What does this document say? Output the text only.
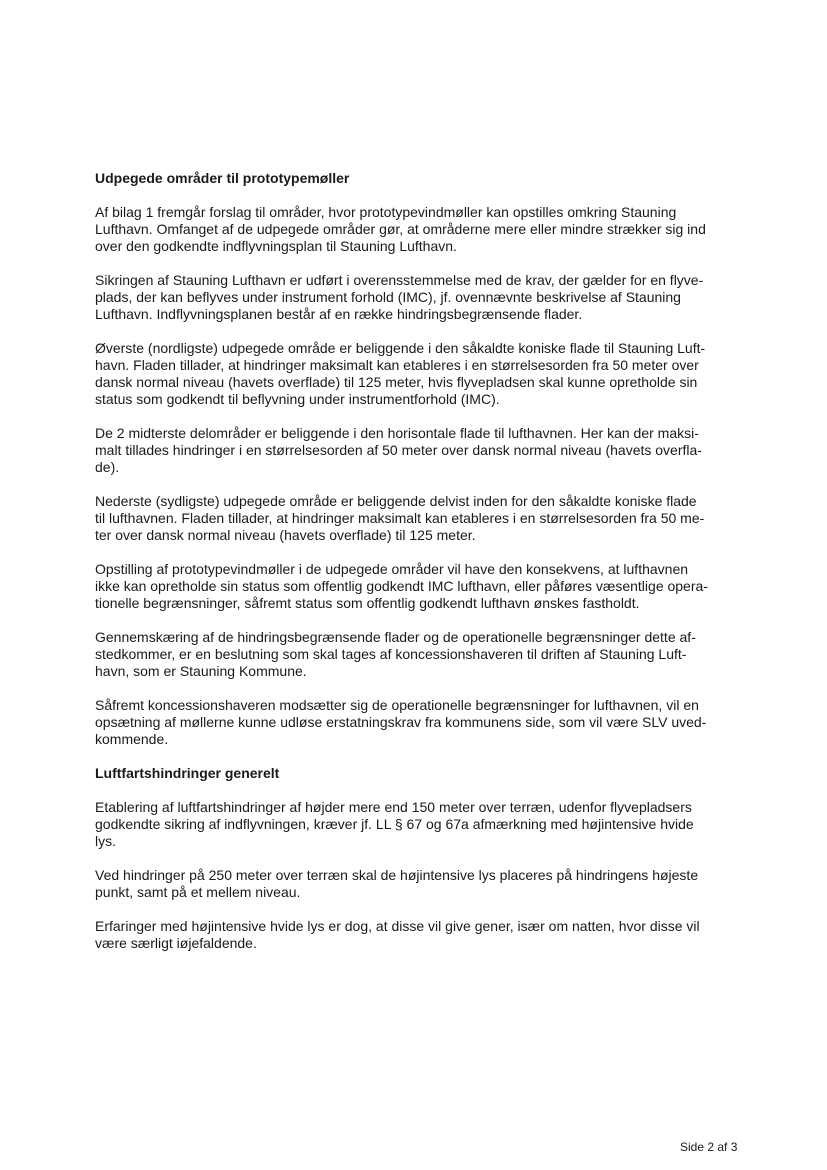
Udpegede områder til prototypemøller

Af bilag 1 fremgår forslag til områder, hvor prototypevindmøller kan opstilles omkring Stauning
Lufthavn. Omfanget af de udpegede områder gør, at områderne mere eller mindre strækker sig ind
over den godkendte indflyvningsplan til Stauning Lufthavn.

Sikringen af Stauning Lufthavn er udført i overensstemmelse med de krav, der gælder for en flyve-
plads, der kan beflyves under instrument forhold (IMC), jf. ovennævnte beskrivelse af Stauning
Lufthavn. Indflyvningsplanen består af en række hindringsbegrænsende flader.

Øverste (nordligste) udpegede område er beliggende i den såkaldte koniske flade til Stauning Luft-
havn. Fladen tillader, at hindringer maksimalt kan etableres i en størrelsesorden fra 50 meter over
dansk normal niveau (havets overflade) til 125 meter, hvis flyvepladsen skal kunne opretholde sin
status som godkendt til beflyvning under instrumentforhold (IMC).

De 2 midterste delområder er beliggende i den horisontale flade til lufthavnen. Her kan der maksi-
malt tillades hindringer i en størrelsesorden af 50 meter over dansk normal niveau (havets overfla-
de).

Nederste (sydligste) udpegede område er beliggende delvist inden for den såkaldte koniske flade
til lufthavnen. Fladen tillader, at hindringer maksimalt kan etableres i en størrelsesorden fra 50 me-
ter over dansk normal niveau (havets overflade) til 125 meter.

Opstilling af prototypevindmøller i de udpegede områder vil have den konsekvens, at lufthavnen
ikke kan opretholde sin status som offentlig godkendt IMC lufthavn, eller påføres væsentlige opera-
tionelle begrænsninger, såfremt status som offentlig godkendt lufthavn ønskes fastholdt.

Gennemskæring af de hindringsbegrænsende flader og de operationelle begrænsninger dette af-
stedkommer, er en beslutning som skal tages af koncessionshaveren til driften af Stauning Luft-
havn, som er Stauning Kommune.

Såfremt koncessionshaveren modsætter sig de operationelle begrænsninger for lufthavnen, vil en
opsætning af møllerne kunne udløse erstatningskrav fra kommunens side, som vil være SLV uved-
kommende.

Luftfartshindringer generelt

Etablering af luftfartshindringer af højder mere end 150 meter over terræn, udenfor flyvepladsers
godkendte sikring af indflyvningen, kræver jf. LL § 67 og 67a afmærkning med højintensive hvide
lys.

Ved hindringer på 250 meter over terræn skal de højintensive lys placeres på hindringens højeste
punkt, samt på et mellem niveau.

Erfaringer med højintensive hvide lys er dog, at disse vil give gener, især om natten, hvor disse vil
være særligt iøjefaldende.

Side 2 af 3
